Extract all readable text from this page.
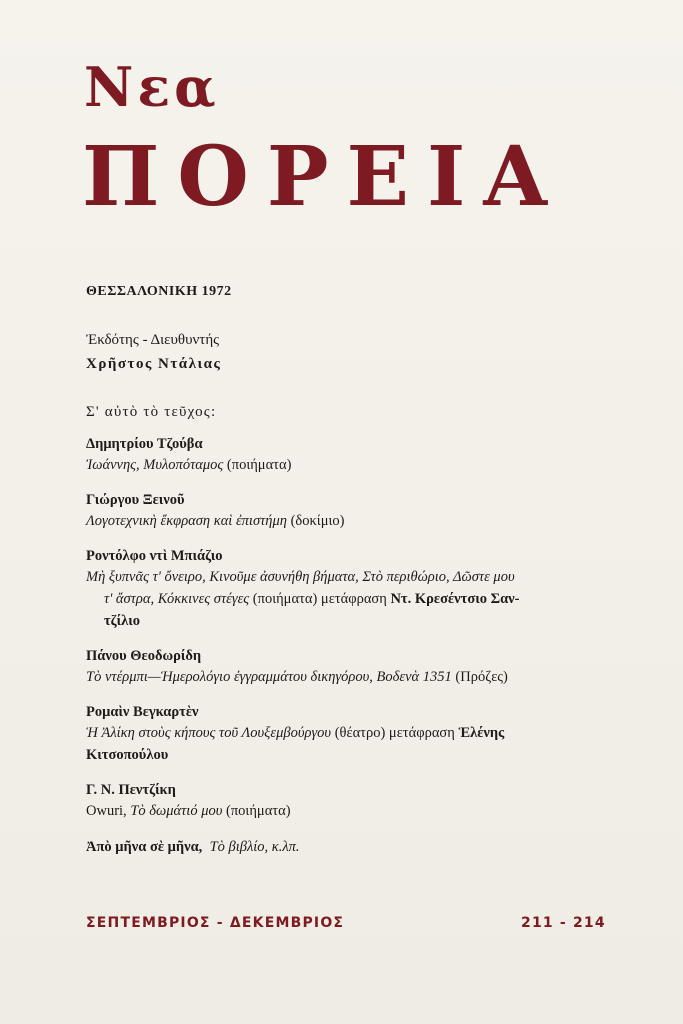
Νεα
ΠΟΡΕΙΑ
ΘΕΣΣΑΛΟΝΙΚΗ 1972
Ἐκδότης - Διευθυντής
Χρῆστος Ντάλιας
Σ' αὐτὸ τὸ τεῦχος:
Δημητρίου Τζούβα
Ἰωάννης, Μυλοπόταμος (ποιήματα)
Γιώργου Ξεινοῦ
Λογοτεχνικὴ ἔκφραση καὶ ἐπιστήμη (δοκίμιο)
Ροντόλφο ντὶ Μπιάζιο
Μὴ ξυπνᾶς τ' ὄνειρο, Κινοῦμε ἀσυνήθη βήματα, Στὸ περιθώριο, Δῶστε μου
τ' ἄστρα, Κόκκινες στέγες (ποιήματα) μετάφραση Ντ. Κρεσέντσιο Σαν-
τζίλιο
Πάνου Θεοδωρίδη
Τὸ ντέρμπι—Ἡμερολόγιο ἐγγραμμάτου δικηγόρου, Βοδενὰ 1351 (Πρόζες)
Ρομαὶν Βεγκαρτὲν
Ἡ Ἀλίκη στοὺς κήπους τοῦ Λουξεμβούργου (θέατρο) μετάφραση Ἑλένης
Κιτσοπούλου
Γ. Ν. Πεντζίκη
Owuri, Τὸ δωμάτιό μου (ποιήματα)
Ἀπὸ μῆνα σὲ μῆνα, Τὸ βιβλίο, κ.λπ.
ΣΕΠΤΕΜΒΡΙΟΣ - ΔΕΚΕΜΒΡΙΟΣ	211 - 214
